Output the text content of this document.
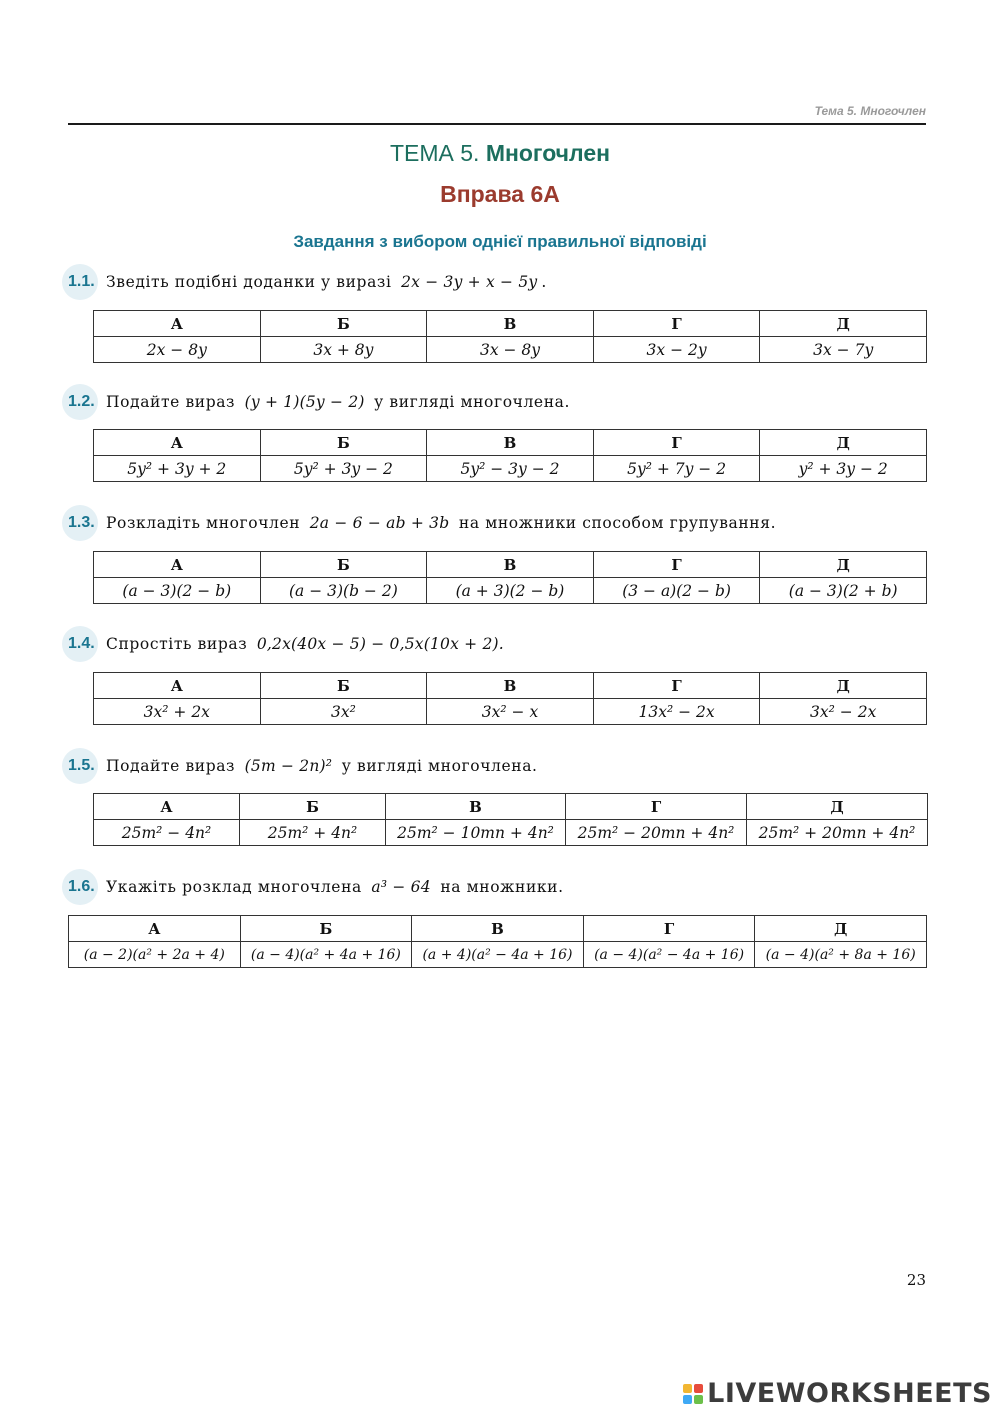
Тема 5. Многочлен
ТЕМА 5. Многочлен
Вправа 6А
Завдання з вибором однієї правильної відповіді
1.1. Зведіть подібні доданки у виразі 2x − 3y + x − 5y .
А	Б	В	Г	Д
2x − 8y	3x + 8y	3x − 8y	3x − 2y	3x − 7y
1.2. Подайте вираз (y + 1)(5y − 2) у вигляді многочлена.
А	Б	В	Г	Д
5y² + 3y + 2	5y² + 3y − 2	5y² − 3y − 2	5y² + 7y − 2	y² + 3y − 2
1.3. Розкладіть многочлен 2a − 6 − ab + 3b на множники способом групування.
А	Б	В	Г	Д
(a − 3)(2 − b)	(a − 3)(b − 2)	(a + 3)(2 − b)	(3 − a)(2 − b)	(a − 3)(2 + b)
1.4. Спростіть вираз 0,2x(40x − 5) − 0,5x(10x + 2).
А	Б	В	Г	Д
3x² + 2x	3x²	3x² − x	13x² − 2x	3x² − 2x
1.5. Подайте вираз (5m − 2n)² у вигляді многочлена.
А	Б	В	Г	Д
25m² − 4n²	25m² + 4n²	25m² − 10mn + 4n²	25m² − 20mn + 4n²	25m² + 20mn + 4n²
1.6. Укажіть розклад многочлена a³ − 64 на множники.
А	Б	В	Г	Д
(a − 2)(a² + 2a + 4)	(a − 4)(a² + 4a + 16)	(a + 4)(a² − 4a + 16)	(a − 4)(a² − 4a + 16)	(a − 4)(a² + 8a + 16)
23
LIVEWORKSHEETS
